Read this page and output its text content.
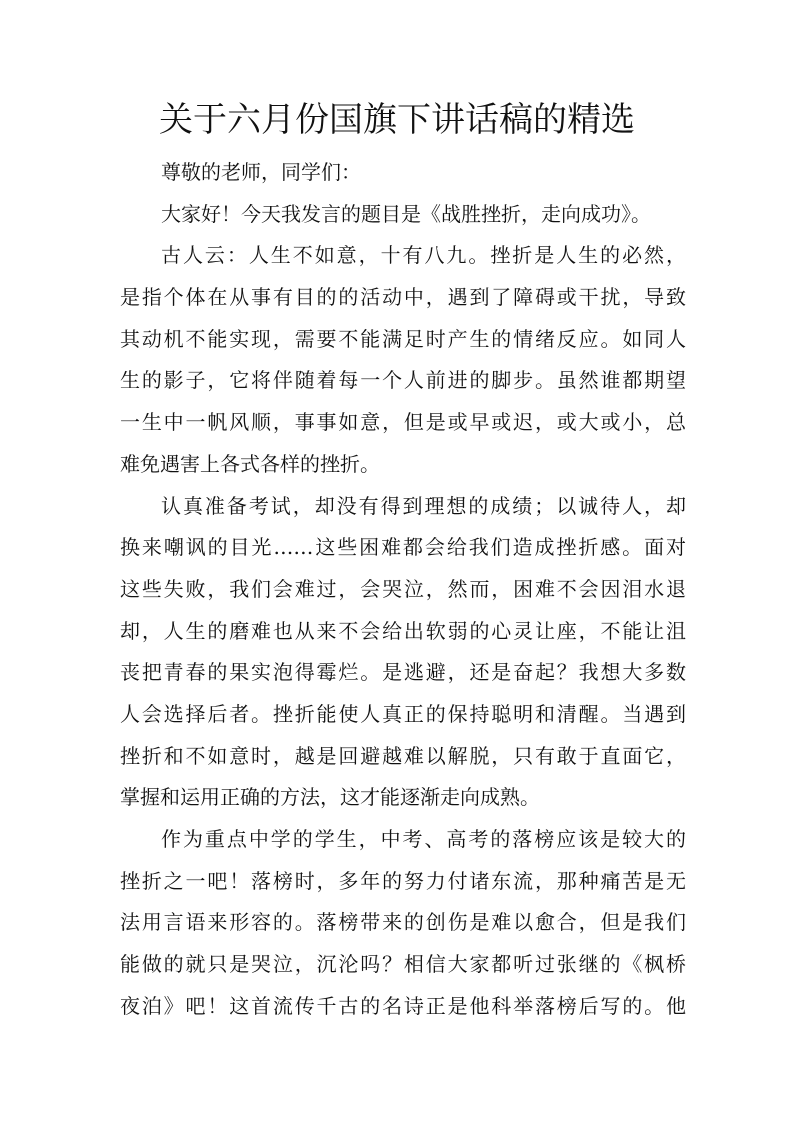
关于六月份国旗下讲话稿的精选
尊敬的老师，同学们：
大家好！今天我发言的题目是《战胜挫折，走向成功》。
古人云：人生不如意，十有八九。挫折是人生的必然，
是指个体在从事有目的的活动中，遇到了障碍或干扰，导致
其动机不能实现，需要不能满足时产生的情绪反应。如同人
生的影子，它将伴随着每一个人前进的脚步。虽然谁都期望
一生中一帆风顺，事事如意，但是或早或迟，或大或小，总
难免遇害上各式各样的挫折。
认真准备考试，却没有得到理想的成绩；以诚待人，却
换来嘲讽的目光……这些困难都会给我们造成挫折感。面对
这些失败，我们会难过，会哭泣，然而，困难不会因泪水退
却，人生的磨难也从来不会给出软弱的心灵让座，不能让沮
丧把青春的果实泡得霉烂。是逃避，还是奋起？我想大多数
人会选择后者。挫折能使人真正的保持聪明和清醒。当遇到
挫折和不如意时，越是回避越难以解脱，只有敢于直面它，
掌握和运用正确的方法，这才能逐渐走向成熟。
作为重点中学的学生，中考、高考的落榜应该是较大的
挫折之一吧！落榜时，多年的努力付诸东流，那种痛苦是无
法用言语来形容的。落榜带来的创伤是难以愈合，但是我们
能做的就只是哭泣，沉沦吗？相信大家都听过张继的《枫桥
夜泊》吧！这首流传千古的名诗正是他科举落榜后写的。他
